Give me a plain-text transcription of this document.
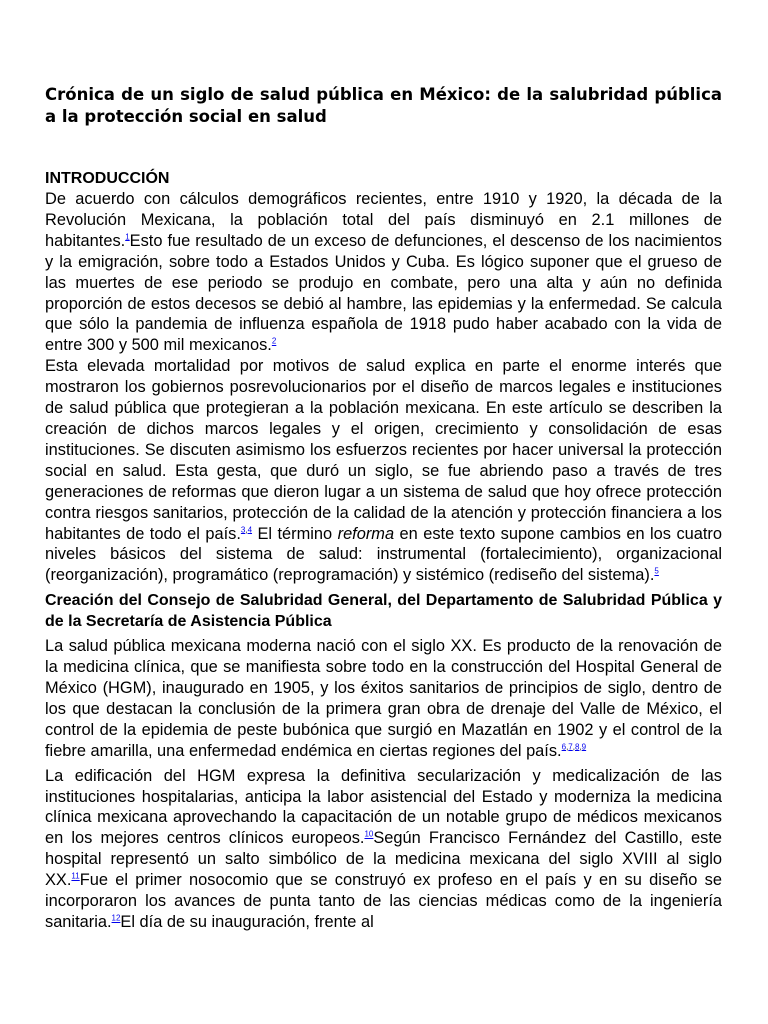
Crónica de un siglo de salud pública en México: de la salubridad pública a la protección social en salud
INTRODUCCIÓN

De acuerdo con cálculos demográficos recientes, entre 1910 y 1920, la década de la Revolución Mexicana, la población total del país disminuyó en 2.1 millones de habitantes.$^1$Esto fue resultado de un exceso de defunciones, el descenso de los nacimientos y la emigración, sobre todo a Estados Unidos y Cuba. Es lógico suponer que el grueso de las muertes de ese periodo se produjo en combate, pero una alta y aún no definida proporción de estos decesos se debió al hambre, las epidemias y la enfermedad. Se calcula que sólo la pandemia de influenza española de 1918 pudo haber acabado con la vida de entre 300 y 500 mil mexicanos.$^2$

Esta elevada mortalidad por motivos de salud explica en parte el enorme interés que mostraron los gobiernos posrevolucionarios por el diseño de marcos legales e instituciones de salud pública que protegieran a la población mexicana. En este artículo se describen la creación de dichos marcos legales y el origen, crecimiento y consolidación de esas instituciones. Se discuten asimismo los esfuerzos recientes por hacer universal la protección social en salud. Esta gesta, que duró un siglo, se fue abriendo paso a través de tres generaciones de reformas que dieron lugar a un sistema de salud que hoy ofrece protección contra riesgos sanitarios, protección de la calidad de la atención y protección financiera a los habitantes de todo el país.$^{3,4}$ El término reforma en este texto supone cambios en los cuatro niveles básicos del sistema de salud: instrumental (fortalecimiento), organizacional (reorganización), programático (reprogramación) y sistémico (rediseño del sistema).$^5$

Creación del Consejo de Salubridad General, del Departamento de Salubridad Pública y de la Secretaría de Asistencia Pública

La salud pública mexicana moderna nació con el siglo XX. Es producto de la renovación de la medicina clínica, que se manifiesta sobre todo en la construcción del Hospital General de México (HGM), inaugurado en 1905, y los éxitos sanitarios de principios de siglo, dentro de los que destacan la conclusión de la primera gran obra de drenaje del Valle de México, el control de la epidemia de peste bubónica que surgió en Mazatlán en 1902 y el control de la fiebre amarilla, una enfermedad endémica en ciertas regiones del país.$^{6,7,8,9}$

La edificación del HGM expresa la definitiva secularización y medicalización de las instituciones hospitalarias, anticipa la labor asistencial del Estado y moderniza la medicina clínica mexicana aprovechando la capacitación de un notable grupo de médicos mexicanos en los mejores centros clínicos europeos.$^{10}$Según Francisco Fernández del Castillo, este hospital representó un salto simbólico de la medicina mexicana del siglo XVIII al siglo XX.$^{11}$Fue el primer nosocomio que se construyó ex profeso en el país y en su diseño se incorporaron los avances de punta tanto de las ciencias médicas como de la ingeniería sanitaria.$^{12}$El día de su inauguración, frente al
